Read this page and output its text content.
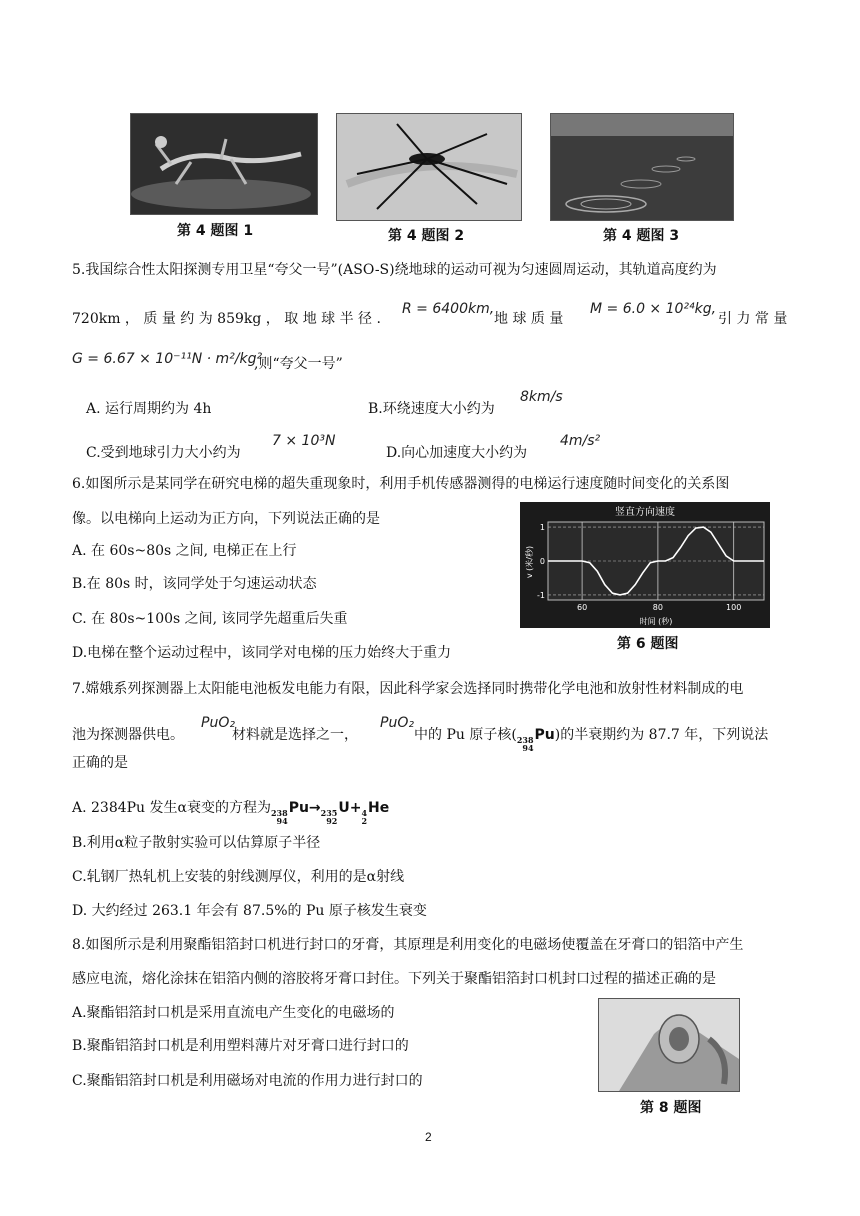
第 4 题图 1	第 4 题图 2	第 4 题图 3
5.我国综合性太阳探测专用卫星“夸父一号”(ASO-S)绕地球的运动可视为匀速圆周运动，其轨道高度约为
720km ， 质 量 约 为 859kg ， 取 地 球 半 径 .
R = 6400km,
地 球 质 量
M = 6.0 × 10²⁴kg,
引 力 常 量
G = 6.67 × 10⁻¹¹N · m²/kg²
,则“夸父一号”
A. 运行周期约为 4h	B.环绕速度大小约为
8km/s
C.受到地球引力大小约为
7 × 10³N
D.向心加速度大小约为
4m/s²
6.如图所示是某同学在研究电梯的超失重现象时，利用手机传感器测得的电梯运行速度随时间变化的关系图
像。以电梯向上运动为正方向，下列说法正确的是
A. 在 60s~80s 之间, 电梯正在上行
B.在 80s 时，该同学处于匀速运动状态
C. 在 80s~100s 之间, 该同学先超重后失重
D.电梯在整个运动过程中，该同学对电梯的压力始终大于重力
竖直方向速度
v (米/秒)
时间 (秒)
60	80	100
1
0
-1
第 6 题图
7.嫦娥系列探测器上太阳能电池板发电能力有限，因此科学家会选择同时携带化学电池和放射性材料制成的电
池为探测器供电。
PuO₂
材料就是选择之一，
PuO₂
中的 Pu 原子核( 238
94
Pu)的半衰期约为 87.7 年，下列说法
正确的是
A. 2384Pu 发生α衰变的方程为 238
94
Pu→ 235
92
U+ 4
2
He
B.利用α粒子散射实验可以估算原子半径
C.轧钢厂热轧机上安装的射线测厚仪，利用的是α射线
D. 大约经过 263.1 年会有 87.5%的 Pu 原子核发生衰变
8.如图所示是利用聚酯铝箔封口机进行封口的牙膏，其原理是利用变化的电磁场使覆盖在牙膏口的铝箔中产生
感应电流，熔化涂抹在铝箔内侧的溶胶将牙膏口封住。下列关于聚酯铝箔封口机封口过程的描述正确的是
A.聚酯铝箔封口机是采用直流电产生变化的电磁场的
B.聚酯铝箔封口机是利用塑料薄片对牙膏口进行封口的
C.聚酯铝箔封口机是利用磁场对电流的作用力进行封口的
第 8 题图
2
